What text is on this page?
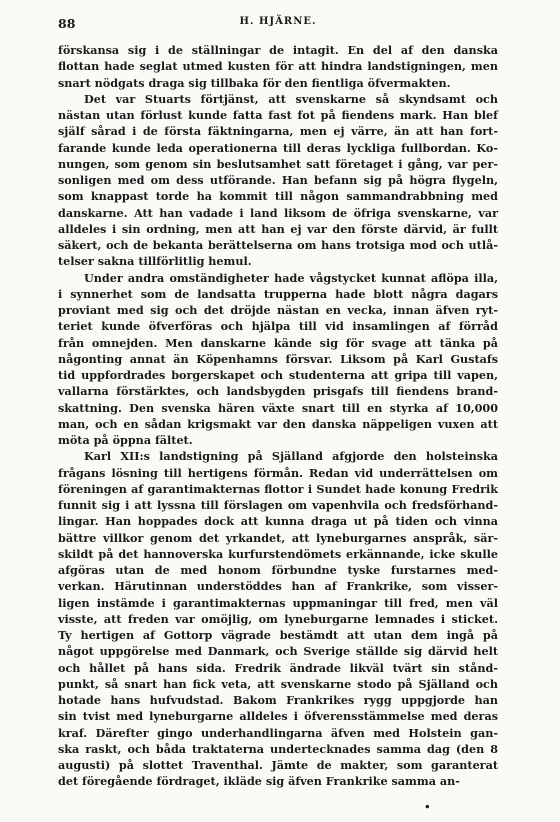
88	H. HJÄRNE.
förskansa sig i de ställningar de intagit. En del af den danska
flottan hade seglat utmed kusten för att hindra landstigningen, men
snart nödgats draga sig tillbaka för den fientliga öfvermakten.
Det var Stuarts förtjänst, att svenskarne så skyndsamt och
nästan utan förlust kunde fatta fast fot på fiendens mark. Han blef
själf sårad i de första fäktningarna, men ej värre, än att han fort-
farande kunde leda operationerna till deras lyckliga fullbordan. Ko-
nungen, som genom sin beslutsamhet satt företaget i gång, var per-
sonligen med om dess utförande. Han befann sig på högra flygeln,
som knappast torde ha kommit till någon sammandrabbning med
danskarne. Att han vadade i land liksom de öfriga svenskarne, var
alldeles i sin ordning, men att han ej var den förste därvid, är fullt
säkert, och de bekanta berättelserna om hans trotsiga mod och utlå-
telser sakna tillförlitlig hemul.
Under andra omständigheter hade vågstycket kunnat aflöpa illa,
i synnerhet som de landsatta trupperna hade blott några dagars
proviant med sig och det dröjde nästan en vecka, innan äfven ryt-
teriet kunde öfverföras och hjälpa till vid insamlingen af förråd
från omnejden. Men danskarne kände sig för svage att tänka på
någonting annat än Köpenhamns försvar. Liksom på Karl Gustafs
tid uppfordrades borgerskapet och studenterna att gripa till vapen,
vallarna förstärktes, och landsbygden prisgafs till fiendens brand-
skattning. Den svenska hären växte snart till en styrka af 10,000
man, och en sådan krigsmakt var den danska näppeligen vuxen att
möta på öppna fältet.
Karl XII:s landstigning på Själland afgjorde den holsteinska
frågans lösning till hertigens förmån. Redan vid underrättelsen om
föreningen af garantimakternas flottor i Sundet hade konung Fredrik
funnit sig i att lyssna till förslagen om vapenhvila och fredsförhand-
lingar. Han hoppades dock att kunna draga ut på tiden och vinna
bättre villkor genom det yrkandet, att lyneburgarnes anspråk, sär-
skildt på det hannoverska kurfurstendömets erkännande, icke skulle
afgöras utan de med honom förbundne tyske furstarnes med-
verkan. Härutinnan understöddes han af Frankrike, som visser-
ligen instämde i garantimakternas uppmaningar till fred, men väl
visste, att freden var omöjlig, om lyneburgarne lemnades i sticket.
Ty hertigen af Gottorp vägrade bestämdt att utan dem ingå på
något uppgörelse med Danmark, och Sverige ställde sig därvid helt
och hållet på hans sida. Fredrik ändrade likväl tvärt sin stånd-
punkt, så snart han fick veta, att svenskarne stodo på Själland och
hotade hans hufvudstad. Bakom Frankrikes rygg uppgjorde han
sin tvist med lyneburgarne alldeles i öfverensstämmelse med deras
kraf. Därefter gingo underhandlingarna äfven med Holstein gan-
ska raskt, och båda traktaterna undertecknades samma dag (den 8
augusti) på slottet Traventhal. Jämte de makter, som garanterat
det föregående fördraget, ikläde sig äfven Frankrike samma an-
•
